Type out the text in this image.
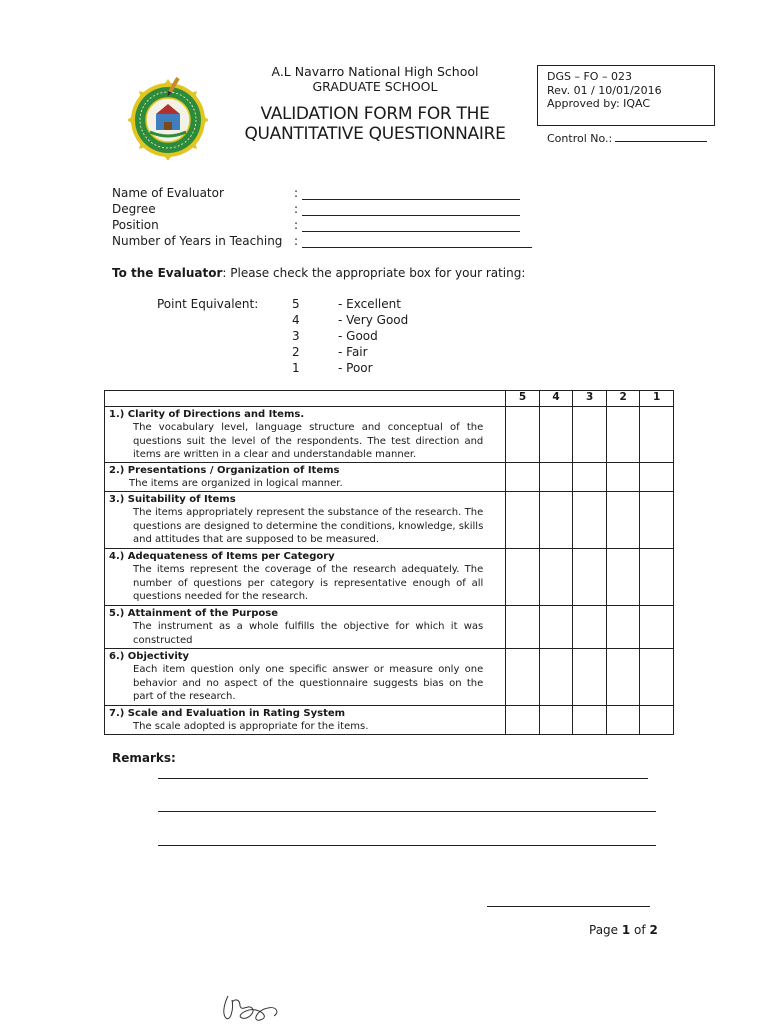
A.L Navarro National High School
GRADUATE SCHOOL
VALIDATION FORM FOR THE
QUANTITATIVE QUESTIONNAIRE
DGS – FO – 023
Rev. 01 / 10/01/2016
Approved by: IQAC
Control No.:
Name of Evaluator	:
Degree	:
Position	:
Number of Years in Teaching :
To the Evaluator: Please check the appropriate box for your rating:
Point Equivalent:	5	- Excellent
4	- Very Good
3	- Good
2	- Fair
1	- Poor
	5	4	3	2	1

1.) Clarity of Directions and Items.
The vocabulary level, language structure and conceptual of the questions suit the level of the respondents. The test direction and items are written in a clear and understandable manner.					

2.) Presentations / Organization of Items
The items are organized in logical manner.					

3.) Suitability of Items
The items appropriately represent the substance of the research. The questions are designed to determine the conditions, knowledge, skills and attitudes that are supposed to be measured.					

4.) Adequateness of Items per Category
The items represent the coverage of the research adequately. The number of questions per category is representative enough of all questions needed for the research.					

5.) Attainment of the Purpose
The instrument as a whole fulfills the objective for which it was constructed					

6.) Objectivity
Each item question only one specific answer or measure only one behavior and no aspect of the questionnaire suggests bias on the part of the research.					

7.) Scale and Evaluation in Rating System
The scale adopted is appropriate for the items.					

Remarks:
Page 1 of 2
